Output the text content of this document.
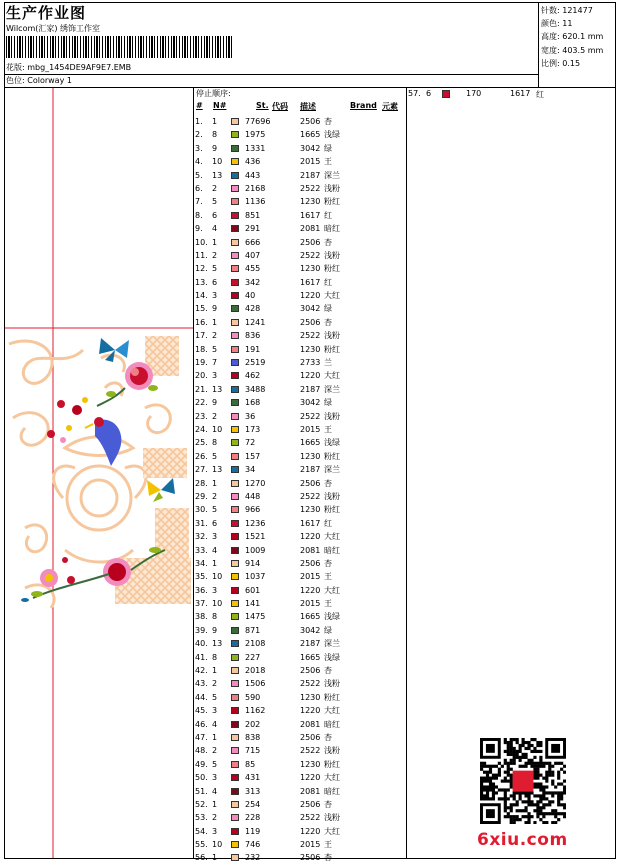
生产作业图
Wilcom(汇家) 绣饰工作室
花版: mbg_1454DE9AF9E7.EMB
色位: Colorway 1
针数: 121477
颜色: 11
高度: 620.1 mm
宽度: 403.5 mm
比例: 0.15
停止顺序:
# N#	St. 代码 描述	Brand 元素
1. 1	77696	2506 杏
2. 8	1975	1665 浅绿
3. 9	1331	3042 绿
4. 10	436	2015 王
5. 13	443	2187 深兰
6. 2	2168	2522 浅粉
7. 5	1136	1230 粉红
8. 6	851	1617 红
9. 4	291	2081 暗红
10. 1	666	2506 杏
11. 2	407	2522 浅粉
12. 5	455	1230 粉红
13. 6	342	1617 红
14. 3	40	1220 大红
15. 9	428	3042 绿
16. 1	1241	2506 杏
17. 2	836	2522 浅粉
18. 5	191	1230 粉红
19. 7	2519	2733 兰
20. 3	462	1220 大红
21. 13	3488	2187 深兰
22. 9	168	3042 绿
23. 2	36	2522 浅粉
24. 10	173	2015 王
25. 8	72	1665 浅绿
26. 5	157	1230 粉红
27. 13	34	2187 深兰
28. 1	1270	2506 杏
29. 2	448	2522 浅粉
30. 5	966	1230 粉红
31. 6	1236	1617 红
32. 3	1521	1220 大红
33. 4	1009	2081 暗红
34. 1	914	2506 杏
35. 10	1037	2015 王
36. 3	601	1220 大红
37. 10	141	2015 王
38. 8	1475	1665 浅绿
39. 9	871	3042 绿
40. 13	2108	2187 深兰
41. 8	227	1665 浅绿
42. 1	2018	2506 杏
43. 2	1506	2522 浅粉
44. 5	590	1230 粉红
45. 3	1162	1220 大红
46. 4	202	2081 暗红
47. 1	838	2506 杏
48. 2	715	2522 浅粉
49. 5	85	1230 粉红
50. 3	431	1220 大红
51. 4	313	2081 暗红
52. 1	254	2506 杏
53. 2	228	2522 浅粉
54. 3	119	1220 大红
55. 10	746	2015 王
56. 1	232	2506 杏
57. 6	170	1617 红
6xiu.com
